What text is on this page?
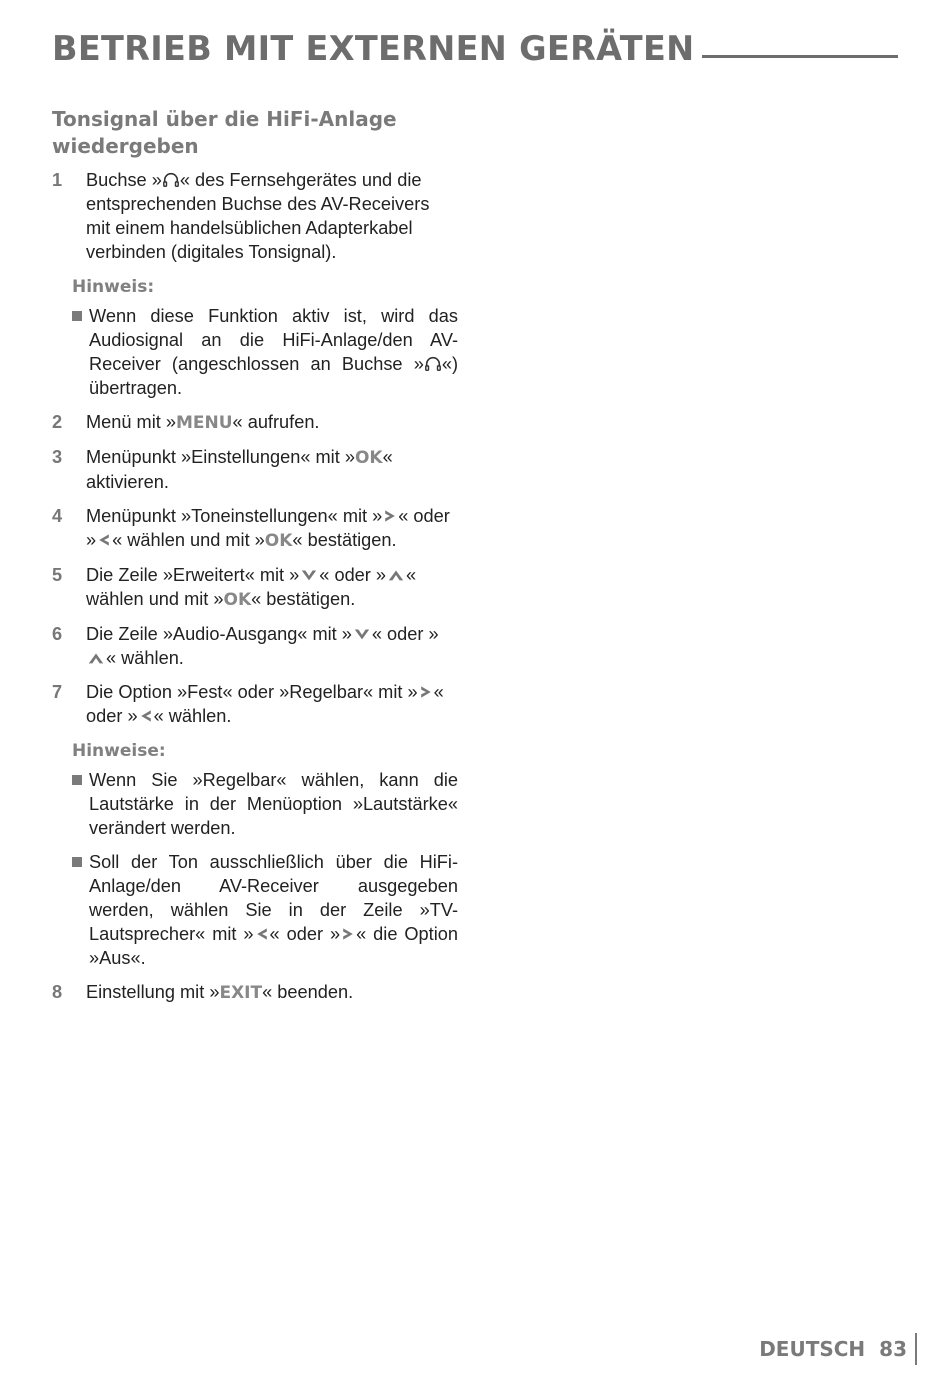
BETRIEB MIT EXTERNEN GERÄTEN
Tonsignal über die HiFi-Anlage wiedergeben
1 Buchse » « des Fernsehgerätes und die entsprechenden Buchse des AV-Receivers mit einem handelsüblichen Adapterkabel verbinden (digitales Tonsignal).
Hinweis:
Wenn diese Funktion aktiv ist, wird das Audiosignal an die HiFi-Anlage/den AV-Receiver (angeschlossen an Buchse » «) übertragen.
2 Menü mit »MENU« aufrufen.
3 Menüpunkt »Einstellungen« mit »OK« aktivieren.
4 Menüpunkt »Toneinstellungen« mit » « oder » « wählen und mit »OK« bestätigen.
5 Die Zeile »Erweitert« mit » « oder » « wählen und mit »OK« bestätigen.
6 Die Zeile »Audio-Ausgang« mit » « oder »« wählen.
7 Die Option »Fest« oder »Regelbar« mit » « oder » « wählen.
Hinweise:
Wenn Sie »Regelbar« wählen, kann die Lautstärke in der Menüoption »Lautstärke« verändert werden.
Soll der Ton ausschließlich über die HiFi-Anlage/den AV-Receiver ausgegeben werden, wählen Sie in der Zeile »TV-Lautsprecher« mit » « oder » « die Option »Aus«.
8 Einstellung mit »EXIT« beenden.
DEUTSCH 83
